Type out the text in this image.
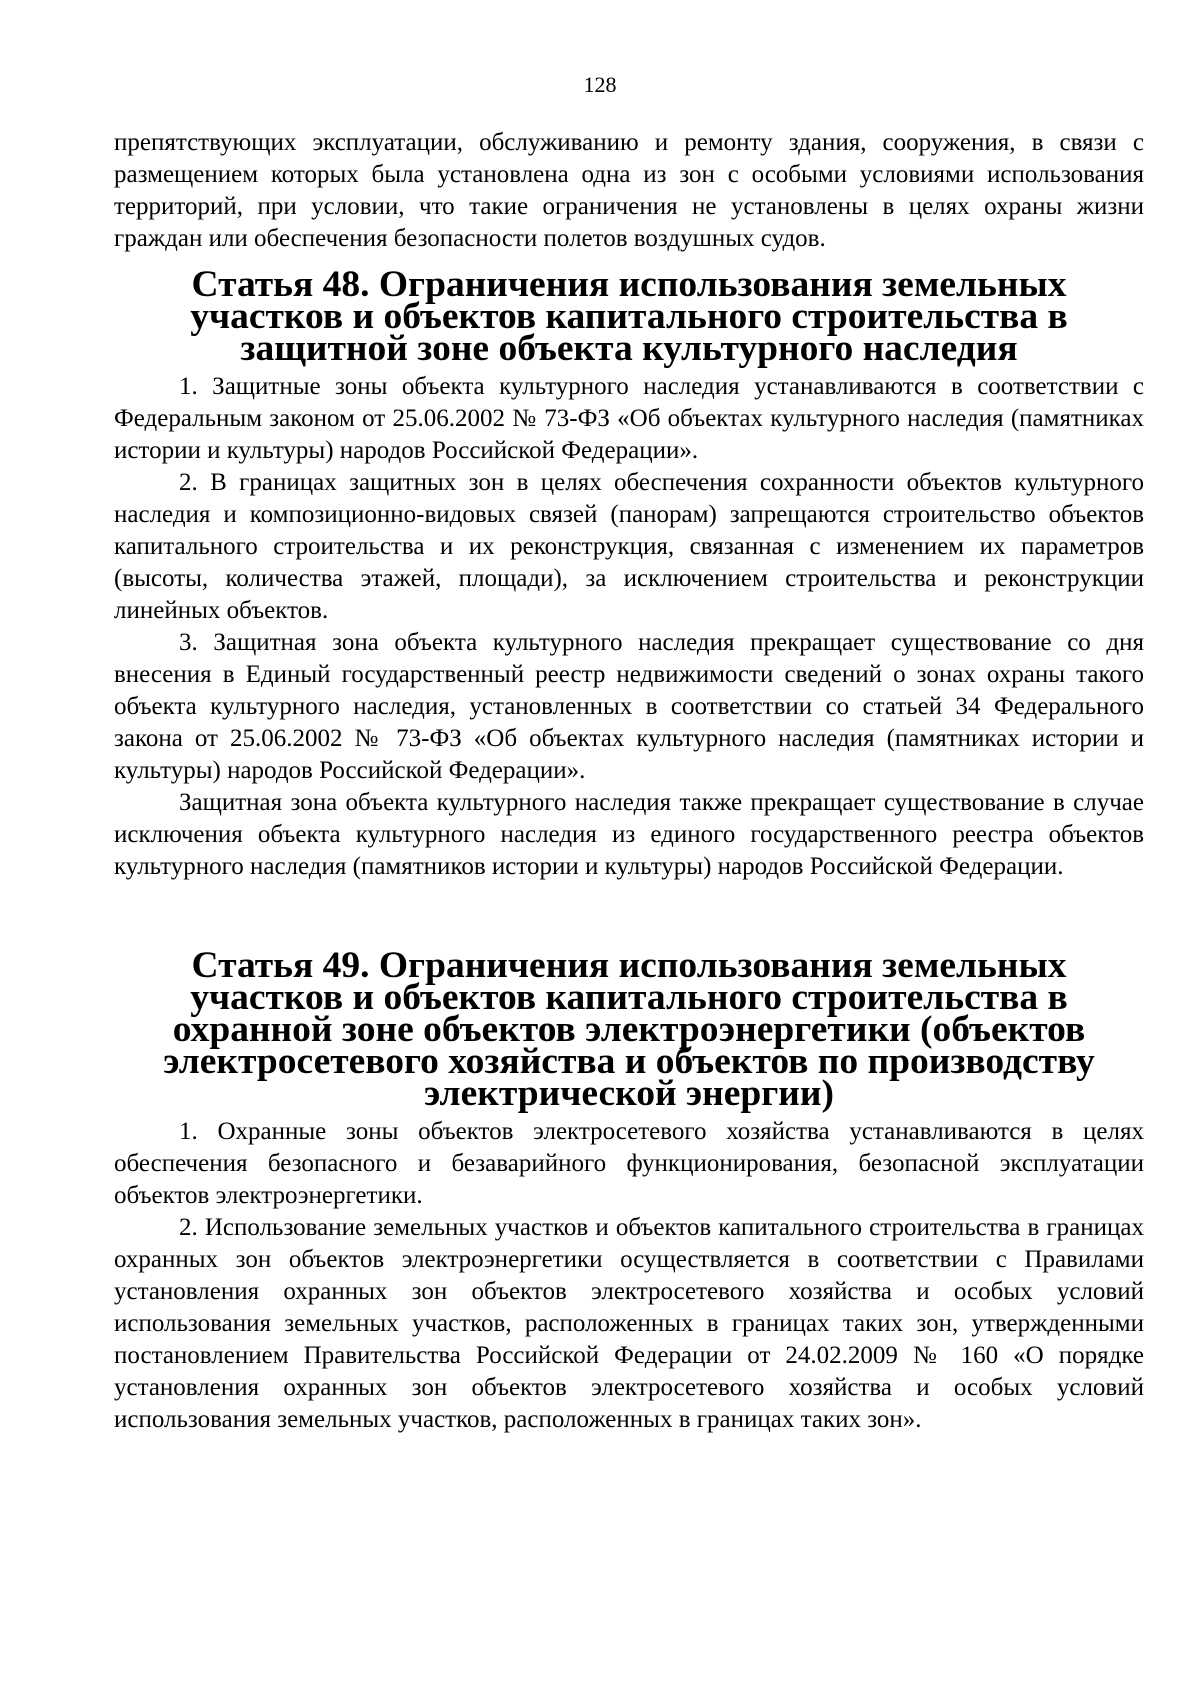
128

препятствующих эксплуатации, обслуживанию и ремонту здания, сооружения, в связи с размещением которых была установлена одна из зон с особыми условиями использования территорий, при условии, что такие ограничения не установлены в целях охраны жизни граждан или обеспечения безопасности полетов воздушных судов.

Статья 48. Ограничения использования земельных участков и объектов капитального строительства в защитной зоне объекта культурного наследия

1. Защитные зоны объекта культурного наследия устанавливаются в соответствии с Федеральным законом от 25.06.2002 № 73-ФЗ «Об объектах культурного наследия (памятниках истории и культуры) народов Российской Федерации».

2. В границах защитных зон в целях обеспечения сохранности объектов культурного наследия и композиционно-видовых связей (панорам) запрещаются строительство объектов капитального строительства и их реконструкция, связанная с изменением их параметров (высоты, количества этажей, площади), за исключением строительства и реконструкции линейных объектов.

3. Защитная зона объекта культурного наследия прекращает существование со дня внесения в Единый государственный реестр недвижимости сведений о зонах охраны такого объекта культурного наследия, установленных в соответствии со статьей 34 Федерального закона от 25.06.2002 № 73-ФЗ «Об объектах культурного наследия (памятниках истории и культуры) народов Российской Федерации».

Защитная зона объекта культурного наследия также прекращает существование в случае исключения объекта культурного наследия из единого государственного реестра объектов культурного наследия (памятников истории и культуры) народов Российской Федерации.

Статья 49. Ограничения использования земельных участков и объектов капитального строительства в охранной зоне объектов электроэнергетики (объектов электросетевого хозяйства и объектов по производству электрической энергии)

1. Охранные зоны объектов электросетевого хозяйства устанавливаются в целях обеспечения безопасного и безаварийного функционирования, безопасной эксплуатации объектов электроэнергетики.

2. Использование земельных участков и объектов капитального строительства в границах охранных зон объектов электроэнергетики осуществляется в соответствии с Правилами установления охранных зон объектов электросетевого хозяйства и особых условий использования земельных участков, расположенных в границах таких зон, утвержденными постановлением Правительства Российской Федерации от 24.02.2009 № 160 «О порядке установления охранных зон объектов электросетевого хозяйства и особых условий использования земельных участков, расположенных в границах таких зон».
